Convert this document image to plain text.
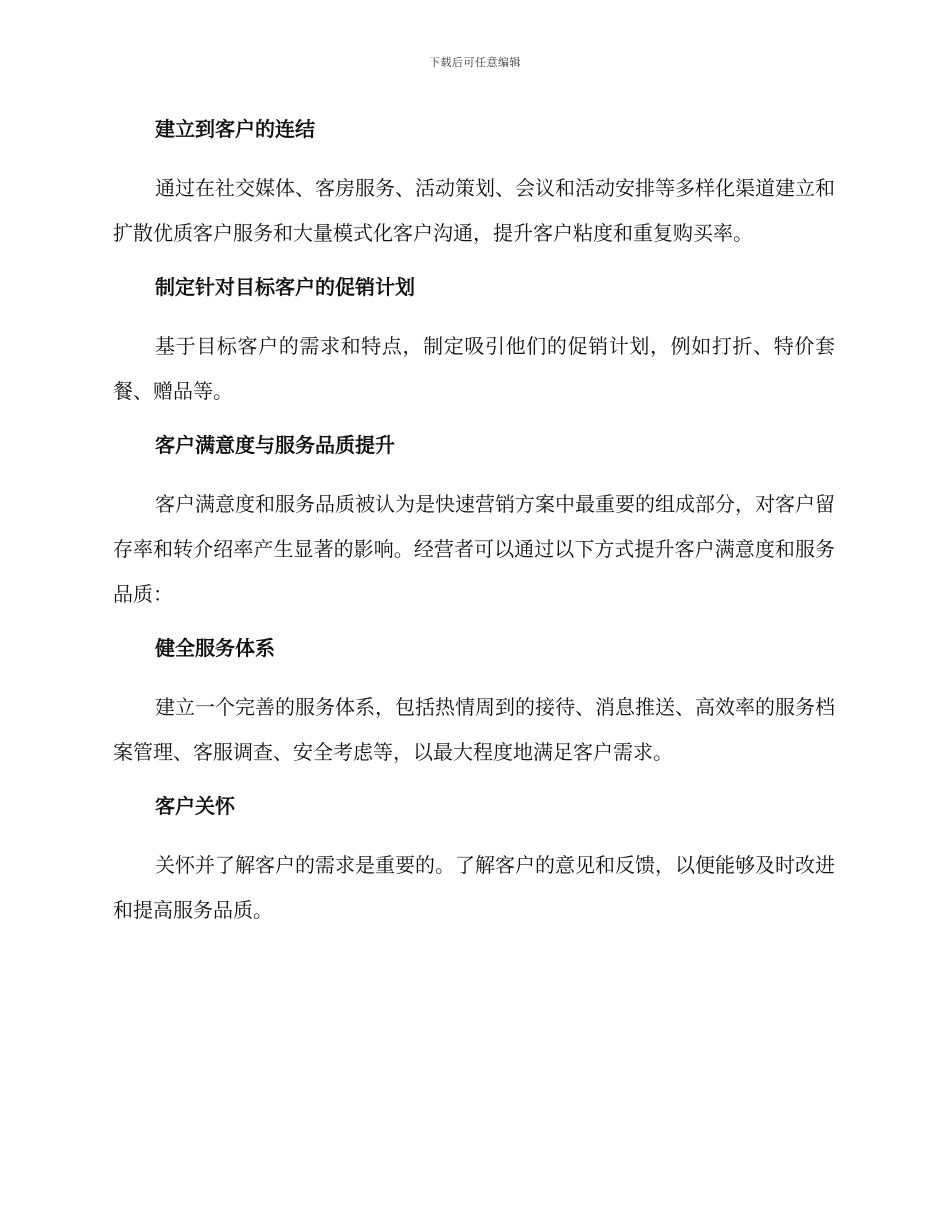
下载后可任意编辑
建立到客户的连结

通过在社交媒体、客房服务、活动策划、会议和活动安排等多样化渠道建立和扩散优质客户服务和大量模式化客户沟通，提升客户粘度和重复购买率。

制定针对目标客户的促销计划

基于目标客户的需求和特点，制定吸引他们的促销计划，例如打折、特价套餐、赠品等。

客户满意度与服务品质提升

客户满意度和服务品质被认为是快速营销方案中最重要的组成部分，对客户留存率和转介绍率产生显著的影响。经营者可以通过以下方式提升客户满意度和服务品质：

健全服务体系

建立一个完善的服务体系，包括热情周到的接待、消息推送、高效率的服务档案管理、客服调查、安全考虑等，以最大程度地满足客户需求。

客户关怀

关怀并了解客户的需求是重要的。了解客户的意见和反馈，以便能够及时改进和提高服务品质。
